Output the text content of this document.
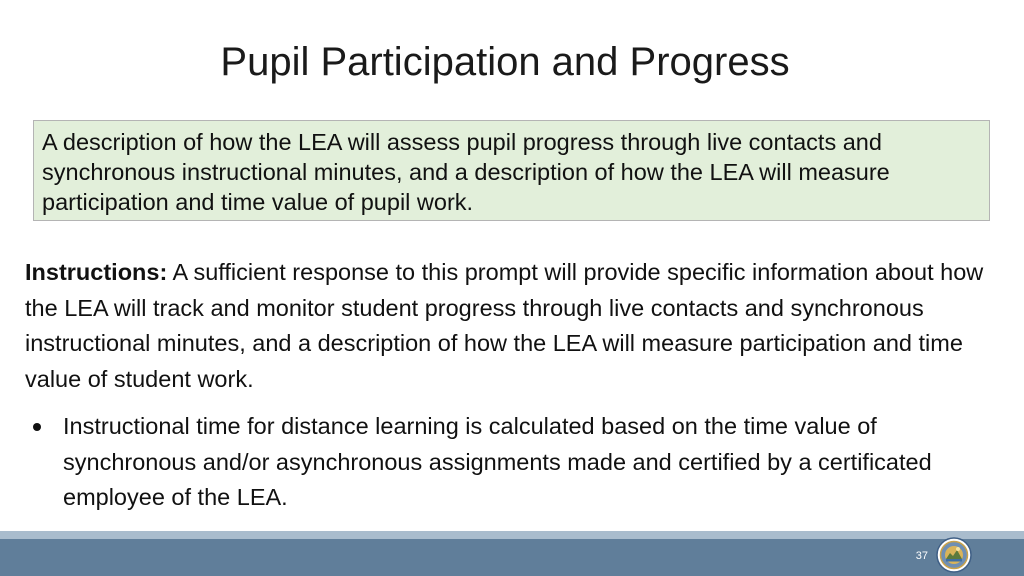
Pupil Participation and Progress
A description of how the LEA will assess pupil progress through live contacts and synchronous instructional minutes, and a description of how the LEA will measure participation and time value of pupil work.

Instructions: A sufficient response to this prompt will provide specific information about how the LEA will track and monitor student progress through live contacts and synchronous instructional minutes, and a description of how the LEA will measure participation and time value of student work.

Instructional time for distance learning is calculated based on the time value of synchronous and/or asynchronous assignments made and certified by a certificated employee of the LEA.
37
